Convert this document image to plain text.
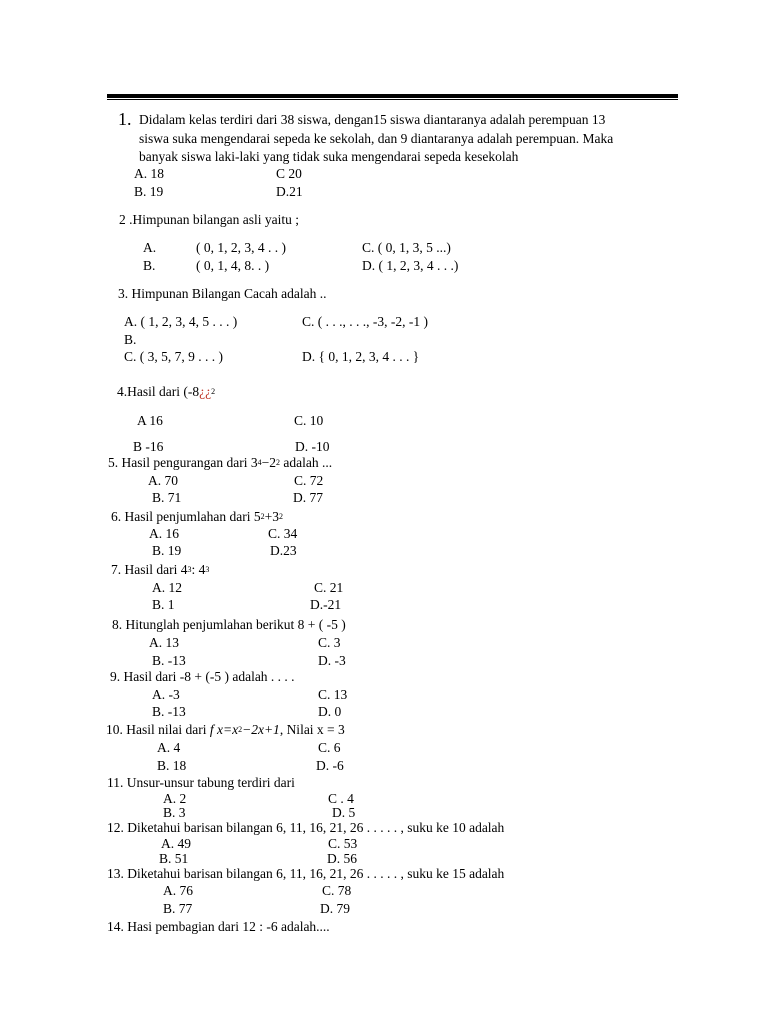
1. Didalam kelas terdiri dari 38 siswa, dengan15 siswa diantaranya adalah perempuan 13
siswa suka mengendarai sepeda ke sekolah, dan 9 diantaranya adalah perempuan. Maka
banyak siswa laki-laki yang tidak suka mengendarai sepeda kesekolah
A. 18	C 20
B. 19	D.21
2 .Himpunan bilangan asli yaitu ;
A.	( 0, 1, 2, 3, 4 . . )	C. ( 0, 1, 3, 5 ...)
B.	( 0, 1, 4, 8. . )	D. ( 1, 2, 3, 4 . . .)
3. Himpunan Bilangan Cacah adalah ..
A. ( 1, 2, 3, 4, 5 . . . )	C. ( . . ., . . ., -3, -2, -1 )
B.
C. ( 3, 5, 7, 9 . . . )	D. { 0, 1, 2, 3, 4 . . . }
4.Hasil dari (-8¿¿$^2$
A 16	C. 10
B -16	D. -10
5. Hasil pengurangan dari $3^4-2^2$ adalah ...
A. 70	C. 72
B. 71	D. 77
6. Hasil penjumlahan dari $5^2+3^2$
A. 16	C. 34
B. 19	D.23
7. Hasil dari $4^3$: $4^3$
A. 12	C. 21
B. 1	D.-21
8. Hitunglah penjumlahan berikut 8 + ( -5 )
A. 13	C. 3
B. -13	D. -3
9. Hasil dari -8 + (-5 ) adalah . . . .
A. -3	C. 13
B. -13	D. 0
10. Hasil nilai dari f $x=x^2-2x+1$, Nilai x = 3
A. 4	C. 6
B. 18	D. -6
11. Unsur-unsur tabung terdiri dari
A. 2	C . 4
B. 3	D. 5
12. Diketahui barisan bilangan 6, 11, 16, 21, 26 . . . . . , suku ke 10 adalah
A. 49	C. 53
B. 51	D. 56
13. Diketahui barisan bilangan 6, 11, 16, 21, 26 . . . . . , suku ke 15 adalah
A. 76	C. 78
B. 77	D. 79
14. Hasi pembagian dari 12 : -6 adalah....
